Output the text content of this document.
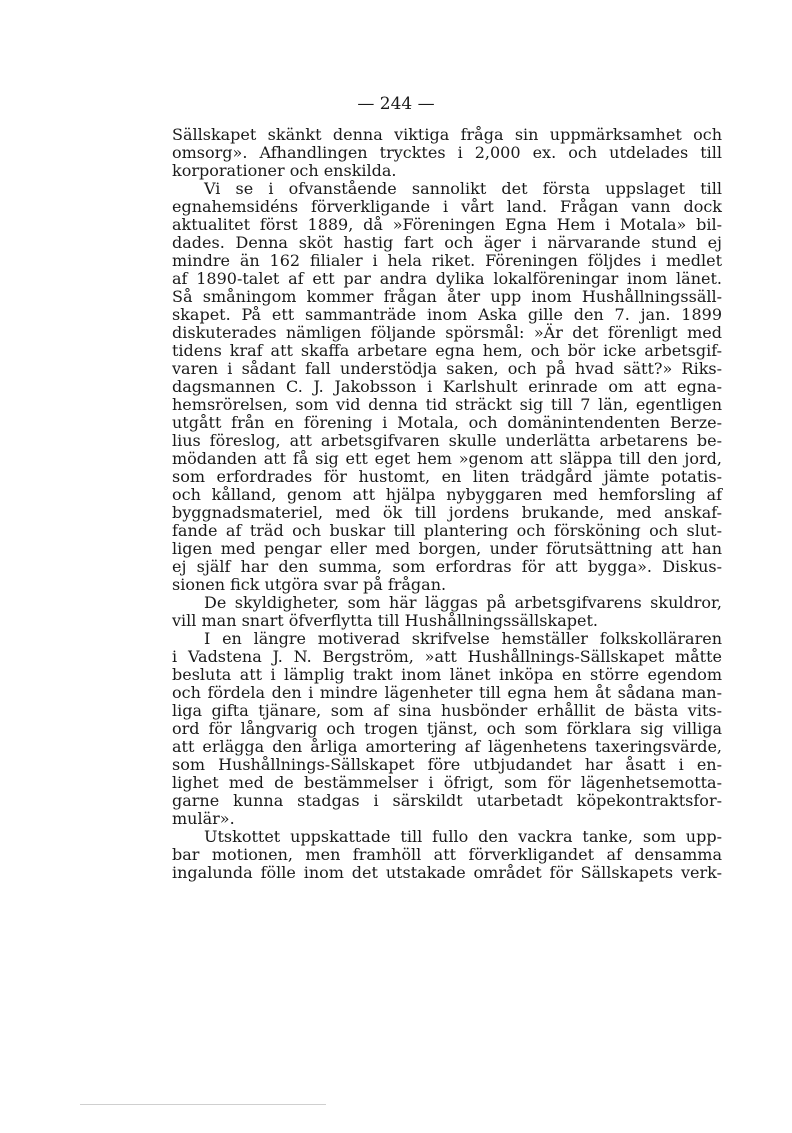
— 244 —
Sällskapet skänkt denna viktiga fråga sin uppmärksamhet och
omsorg». Afhandlingen trycktes i 2,000 ex. och utdelades till
korporationer och enskilda.
Vi se i ofvanstående sannolikt det första uppslaget till
egnahemsidéns förverkligande i vårt land. Frågan vann dock
aktualitet först 1889, då »Föreningen Egna Hem i Motala» bil-
dades. Denna sköt hastig fart och äger i närvarande stund ej
mindre än 162 filialer i hela riket. Föreningen följdes i medlet
af 1890-talet af ett par andra dylika lokalföreningar inom länet.
Så småningom kommer frågan åter upp inom Hushållningssäll-
skapet. På ett sammanträde inom Aska gille den 7. jan. 1899
diskuterades nämligen följande spörsmål: »Är det förenligt med
tidens kraf att skaffa arbetare egna hem, och bör icke arbetsgif-
varen i sådant fall understödja saken, och på hvad sätt?» Riks-
dagsmannen C. J. Jakobsson i Karlshult erinrade om att egna-
hemsrörelsen, som vid denna tid sträckt sig till 7 län, egentligen
utgått från en förening i Motala, och domänintendenten Berze-
lius föreslog, att arbetsgifvaren skulle underlätta arbetarens be-
mödanden att få sig ett eget hem »genom att släppa till den jord,
som erfordrades för hustomt, en liten trädgård jämte potatis-
och kålland, genom att hjälpa nybyggaren med hemforsling af
byggnadsmateriel, med ök till jordens brukande, med anskaf-
fande af träd och buskar till plantering och försköning och slut-
ligen med pengar eller med borgen, under förutsättning att han
ej själf har den summa, som erfordras för att bygga». Diskus-
sionen fick utgöra svar på frågan.
De skyldigheter, som här läggas på arbetsgifvarens skuldror,
vill man snart öfverflytta till Hushållningssällskapet.
I en längre motiverad skrifvelse hemställer folkskolläraren
i Vadstena J. N. Bergström, »att Hushållnings-Sällskapet måtte
besluta att i lämplig trakt inom länet inköpa en större egendom
och fördela den i mindre lägenheter till egna hem åt sådana man-
liga gifta tjänare, som af sina husbönder erhållit de bästa vits-
ord för långvarig och trogen tjänst, och som förklara sig villiga
att erlägga den årliga amortering af lägenhetens taxeringsvärde,
som Hushållnings-Sällskapet före utbjudandet har åsatt i en-
lighet med de bestämmelser i öfrigt, som för lägenhetsemotta-
garne kunna stadgas i särskildt utarbetadt köpekontraktsfor-
mulär».
Utskottet uppskattade till fullo den vackra tanke, som upp-
bar motionen, men framhöll att förverkligandet af densamma
ingalunda fölle inom det utstakade området för Sällskapets verk-
